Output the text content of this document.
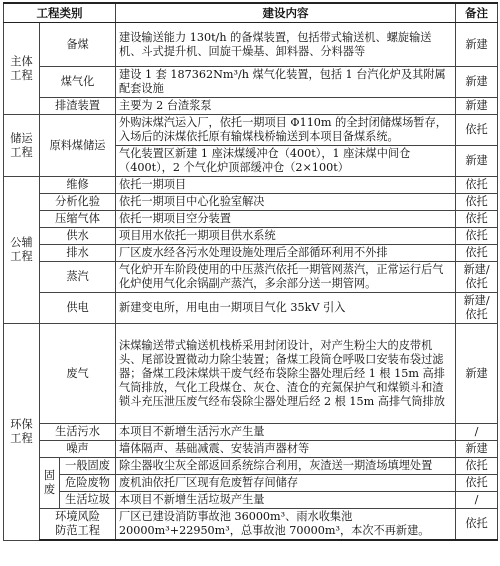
工程类别			建设内容	备注
主体
工程	备煤		建设输送能力 130t/h 的备煤装置，包括带式输送机、螺旋输送机、斗式提升机、回旋干燥基、卸料器、分料器等	新建
	煤气化		建设 1 套 187362Nm³/h 煤气化装置，包括 1 台汽化炉及其附属配套设施	新建
	排渣装置		主要为 2 台渣浆泵	新建
储运
工程	原料煤储运		外购沫煤汽运入厂，依托一期项目 Φ110m 的全封闭储煤场暂存，入场后的沫煤依托原有输煤栈桥输送到本项目备煤系统。	依托
			气化装置区新建 1 座沫煤缓冲仓（400t），1 座沫煤中间仓（400t），2 个气化炉顶部缓冲仓（2×100t）	新建
公辅
工程	维修		依托一期项目	依托
	分析化验		依托一期项目中心化验室解决	依托
	压缩气体		依托一期项目空分装置	依托
	供水		项目用水依托一期项目供水系统	依托
	排水		厂区废水经各污水处理设施处理后全部循环利用不外排	依托
	蒸汽		气化炉开车阶段使用的中压蒸汽依托一期管网蒸汽，正常运行后气化炉使用气化余锅副产蒸汽，多余部分送一期管网。	新建/依托
	供电		新建变电所，用电由一期项目气化 35kV 引入	新建/依托
环保
工程	废气		沫煤输送带式输送机栈桥采用封闭设计，对产生粉尘大的皮带机头、尾部设置微动力除尘装置；备煤工段筒仓呼吸口安装布袋过滤器；备煤工段沫煤烘干废气经布袋除尘器处理后经 1 根 15m 高排气筒排放，气化工段煤仓、灰仓、渣仓的充氮保护气和煤锁斗和渣锁斗充压泄压废气经布袋除尘器处理后经 2 根 15m 高排气筒排放	新建
	生活污水		本项目不新增生活污水产生量	/
	噪声		墙体隔声、基础减震、安装消声器材等	新建
	固
废	一般固废	除尘器收尘灰全部返回系统综合利用，灰渣送一期渣场填埋处置	依托
		危险废物	废机油依托厂区现有危废暂存间储存	依托
		生活垃圾	本项目不新增生活垃圾产生量	/
	环境风险
防范工程		厂区已建设消防事故池 36000m³、雨水收集池 20000m³+22950m³，总事故池 70000m³，本次不再新建。	依托
